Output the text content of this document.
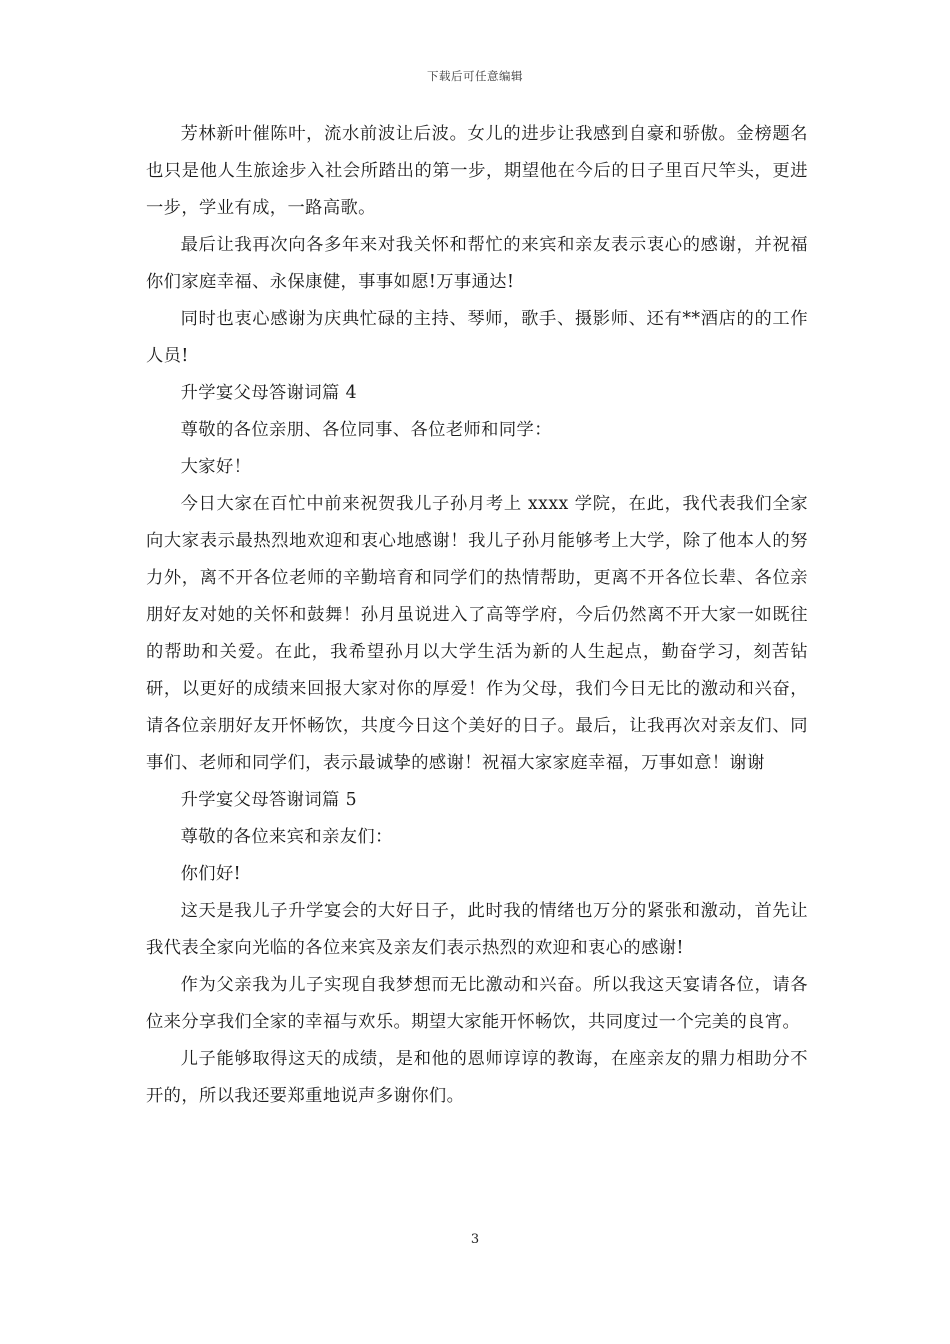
下载后可任意编辑

芳林新叶催陈叶，流水前波让后波。女儿的进步让我感到自豪和骄傲。金榜题名也只是他人生旅途步入社会所踏出的第一步，期望他在今后的日子里百尺竿头，更进一步，学业有成，一路高歌。

最后让我再次向各多年来对我关怀和帮忙的来宾和亲友表示衷心的感谢，并祝福你们家庭幸福、永保康健，事事如愿!万事通达!

同时也衷心感谢为庆典忙碌的主持、琴师，歌手、摄影师、还有**酒店的的工作人员!

升学宴父母答谢词篇 4

尊敬的各位亲朋、各位同事、各位老师和同学：

大家好！

今日大家在百忙中前来祝贺我儿子孙月考上 xxxx 学院，在此，我代表我们全家向大家表示最热烈地欢迎和衷心地感谢！我儿子孙月能够考上大学，除了他本人的努力外，离不开各位老师的辛勤培育和同学们的热情帮助，更离不开各位长辈、各位亲朋好友对她的关怀和鼓舞！孙月虽说进入了高等学府，今后仍然离不开大家一如既往的帮助和关爱。在此，我希望孙月以大学生活为新的人生起点，勤奋学习，刻苦钻研，以更好的成绩来回报大家对你的厚爱！作为父母，我们今日无比的激动和兴奋，请各位亲朋好友开怀畅饮，共度今日这个美好的日子。最后，让我再次对亲友们、同事们、老师和同学们，表示最诚挚的感谢！祝福大家家庭幸福，万事如意！谢谢

升学宴父母答谢词篇 5

尊敬的各位来宾和亲友们：

你们好!

这天是我儿子升学宴会的大好日子，此时我的情绪也万分的紧张和激动，首先让我代表全家向光临的各位来宾及亲友们表示热烈的欢迎和衷心的感谢!

作为父亲我为儿子实现自我梦想而无比激动和兴奋。所以我这天宴请各位，请各位来分享我们全家的幸福与欢乐。期望大家能开怀畅饮，共同度过一个完美的良宵。

儿子能够取得这天的成绩，是和他的恩师谆谆的教诲，在座亲友的鼎力相助分不开的，所以我还要郑重地说声多谢你们。

3
